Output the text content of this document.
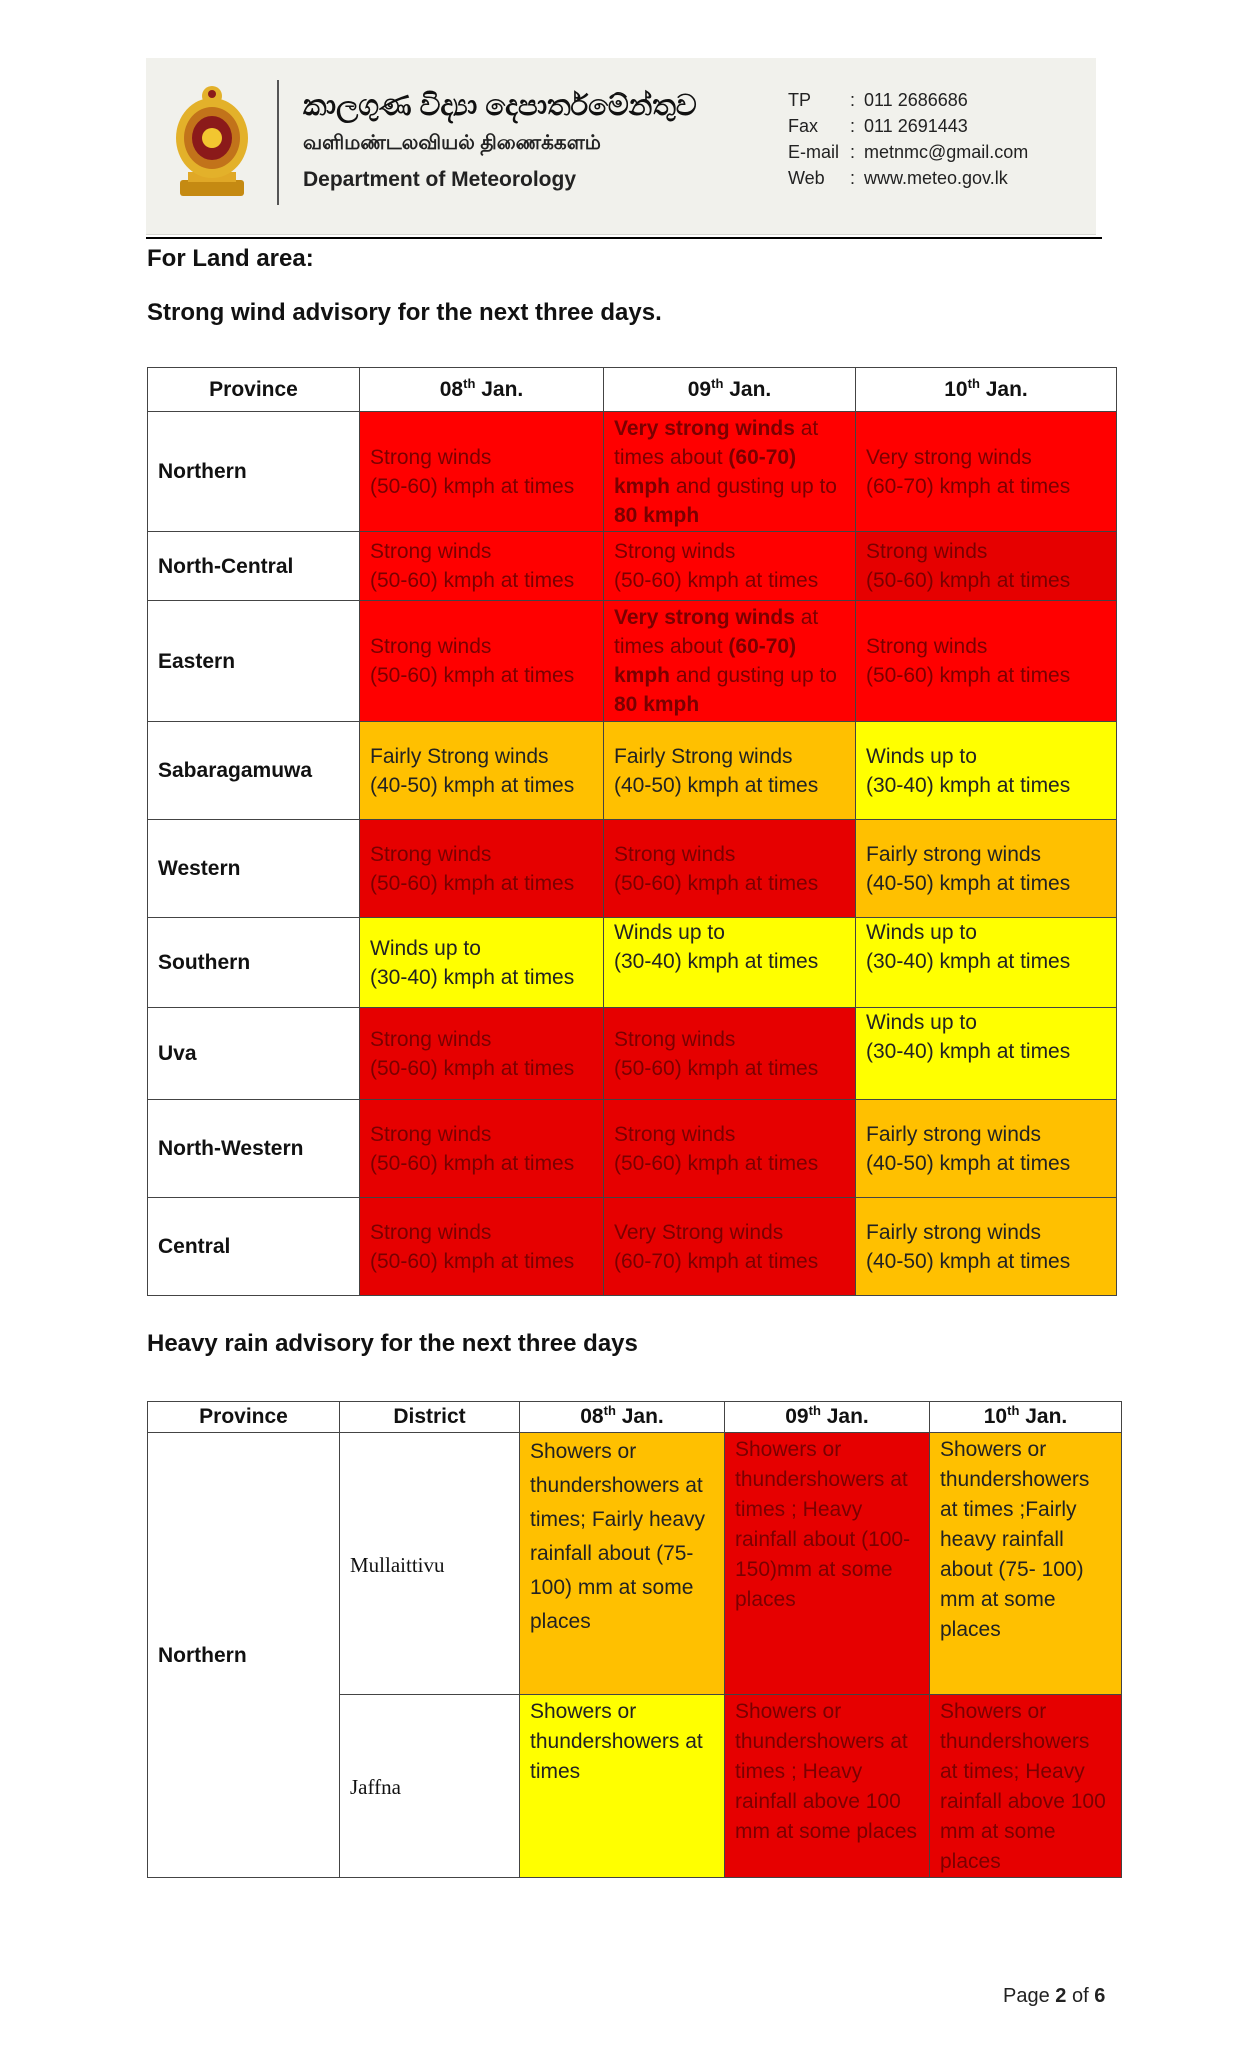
කාලගුණ විද්‍යා දෙපාර්තමේන්තුව
வளிமண்டலவியல் திணைக்களம்
Department of Meteorology
TP : 011 2686686
Fax : 011 2691443
E-mail : metnmc@gmail.com
Web : www.meteo.gov.lk
For Land area:
Strong wind advisory for the next three days.
Province	08th Jan.	09th Jan.	10th Jan.
Northern	Strong winds
(50-60) kmph at times	Very strong winds at times about (60-70) kmph and gusting up to 80 kmph	Very strong winds
(60-70) kmph at times
North-Central	Strong winds
(50-60) kmph at times	Strong winds
(50-60) kmph at times	Strong winds
(50-60) kmph at times
Eastern	Strong winds
(50-60) kmph at times	Very strong winds at times about (60-70) kmph and gusting up to 80 kmph	Strong winds
(50-60) kmph at times
Sabaragamuwa	Fairly Strong winds
(40-50) kmph at times	Fairly Strong winds
(40-50) kmph at times	Winds up to
(30-40) kmph at times
Western	Strong winds
(50-60) kmph at times	Strong winds
(50-60) kmph at times	Fairly strong winds
(40-50) kmph at times
Southern	Winds up to
(30-40) kmph at times	Winds up to
(30-40) kmph at times	Winds up to
(30-40) kmph at times
Uva	Strong winds
(50-60) kmph at times	Strong winds
(50-60) kmph at times	Winds up to
(30-40) kmph at times
North-Western	Strong winds
(50-60) kmph at times	Strong winds
(50-60) kmph at times	Fairly strong winds
(40-50) kmph at times
Central	Strong winds
(50-60) kmph at times	Very Strong winds
(60-70) kmph at times	Fairly strong winds
(40-50) kmph at times
Heavy rain advisory for the next three days
Province	District	08th Jan.	09th Jan.	10th Jan.
Northern	Mullaittivu	Showers or thundershowers at times; Fairly heavy rainfall about (75- 100) mm at some places	Showers or thundershowers at times ; Heavy rainfall about (100- 150)mm at some places	Showers or thundershowers at times ;Fairly heavy rainfall about (75- 100) mm at some places
	Jaffna	Showers or thundershowers at times	Showers or thundershowers at times ; Heavy rainfall above 100 mm at some places	Showers or thundershowers at times; Heavy rainfall above 100 mm at some places
Page 2 of 6
